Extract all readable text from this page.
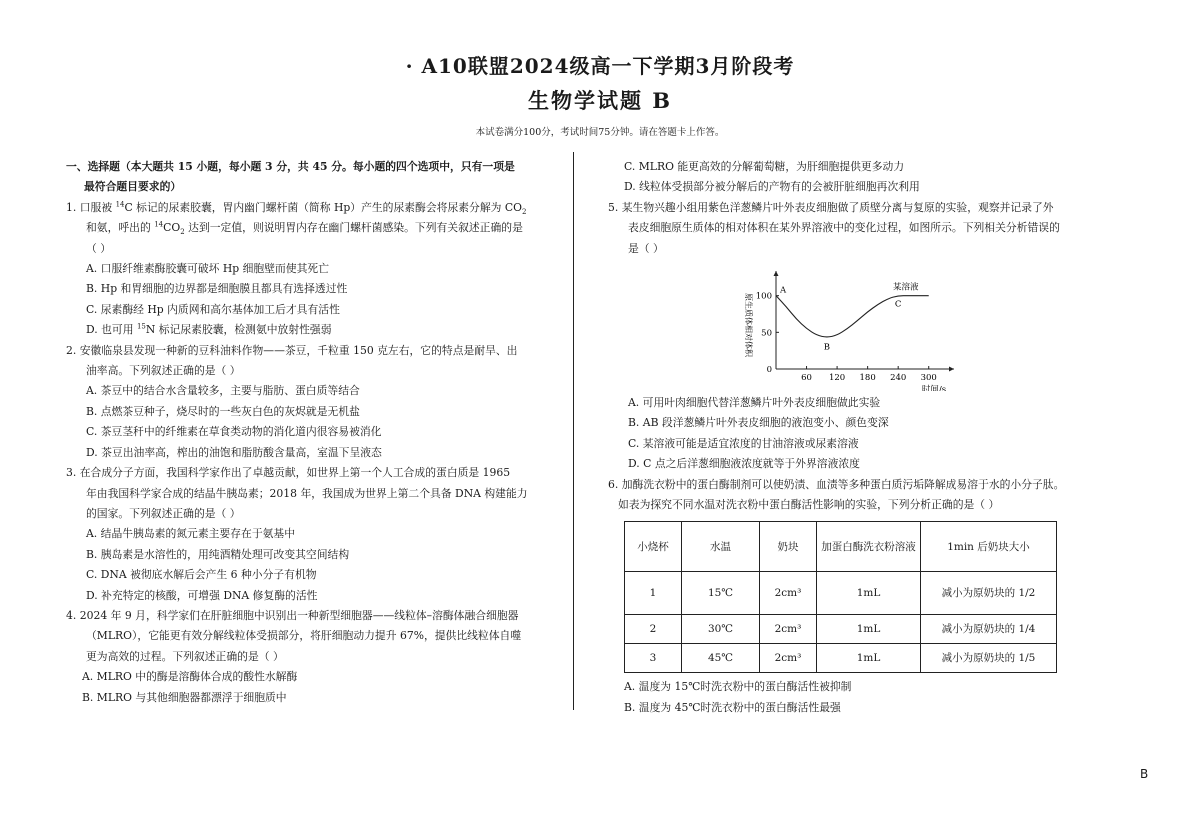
· A10联盟2024级高一下学期3月阶段考
生物学试题 B
本试卷满分100分，考试时间75分钟。请在答题卡上作答。
一、选择题（本大题共 15 小题，每小题 3 分，共 45 分。每小题的四个选项中，只有一项是
最符合题目要求的）
1. 口服被 $^{14}$C 标记的尿素胶囊，胃内幽门螺杆菌（简称 Hp）产生的尿素酶会将尿素分解为 $CO_2$
和氨，呼出的 $^{14}CO_2$ 达到一定值，则说明胃内存在幽门螺杆菌感染。下列有关叙述正确的是
（ ）
A. 口服纤维素酶胶囊可破坏 Hp 细胞壁而使其死亡
B. Hp 和胃细胞的边界都是细胞膜且都具有选择透过性
C. 尿素酶经 Hp 内质网和高尔基体加工后才具有活性
D. 也可用 $^{15}$N 标记尿素胶囊，检测氨中放射性强弱
2. 安徽临泉县发现一种新的豆科油料作物——茶豆，千粒重 150 克左右，它的特点是耐旱、出
油率高。下列叙述正确的是（ ）
A. 茶豆中的结合水含量较多，主要与脂肪、蛋白质等结合
B. 点燃茶豆种子，烧尽时的一些灰白色的灰烬就是无机盐
C. 茶豆茎秆中的纤维素在草食类动物的消化道内很容易被消化
D. 茶豆出油率高，榨出的油饱和脂肪酸含量高，室温下呈液态
3. 在合成分子方面，我国科学家作出了卓越贡献，如世界上第一个人工合成的蛋白质是 1965
年由我国科学家合成的结晶牛胰岛素；2018 年，我国成为世界上第二个具备 DNA 构建能力
的国家。下列叙述正确的是（ ）
A. 结晶牛胰岛素的氮元素主要存在于氨基中
B. 胰岛素是水溶性的，用纯酒精处理可改变其空间结构
C. DNA 被彻底水解后会产生 6 种小分子有机物
D. 补充特定的核酸，可增强 DNA 修复酶的活性
4. 2024 年 9 月，科学家们在肝脏细胞中识别出一种新型细胞器——线粒体–溶酶体融合细胞器
（MLRO），它能更有效分解线粒体受损部分，将肝细胞动力提升 67%，提供比线粒体自噬
更为高效的过程。下列叙述正确的是（ ）
A. MLRO 中的酶是溶酶体合成的酸性水解酶
B. MLRO 与其他细胞器都漂浮于细胞质中
C. MLRO 能更高效的分解葡萄糖，为肝细胞提供更多动力
D. 线粒体受损部分被分解后的产物有的会被肝脏细胞再次利用
5. 某生物兴趣小组用紫色洋葱鳞片叶外表皮细胞做了质壁分离与复原的实验，观察并记录了外
表皮细胞原生质体的相对体积在某外界溶液中的变化过程，如图所示。下列相关分析错误的
是（ ）
60 120 180 240 300
0
50
100
某溶液
A
B
C
原生质体相对体积
时间/s
A. 可用叶肉细胞代替洋葱鳞片叶外表皮细胞做此实验
B. AB 段洋葱鳞片叶外表皮细胞的液泡变小、颜色变深
C. 某溶液可能是适宜浓度的甘油溶液或尿素溶液
D. C 点之后洋葱细胞液浓度就等于外界溶液浓度
6. 加酶洗衣粉中的蛋白酶制剂可以使奶渍、血渍等多种蛋白质污垢降解成易溶于水的小分子肽。
如表为探究不同水温对洗衣粉中蛋白酶活性影响的实验，下列分析正确的是（ ）
小烧杯	水温	奶块	加蛋白酶洗衣粉溶液	1min 后奶块大小
1	15℃	2cm³	1mL	减小为原奶块的 1/2
2	30℃	2cm³	1mL	减小为原奶块的 1/4
3	45℃	2cm³	1mL	减小为原奶块的 1/5
A. 温度为 15℃时洗衣粉中的蛋白酶活性被抑制
B. 温度为 45℃时洗衣粉中的蛋白酶活性最强
B
